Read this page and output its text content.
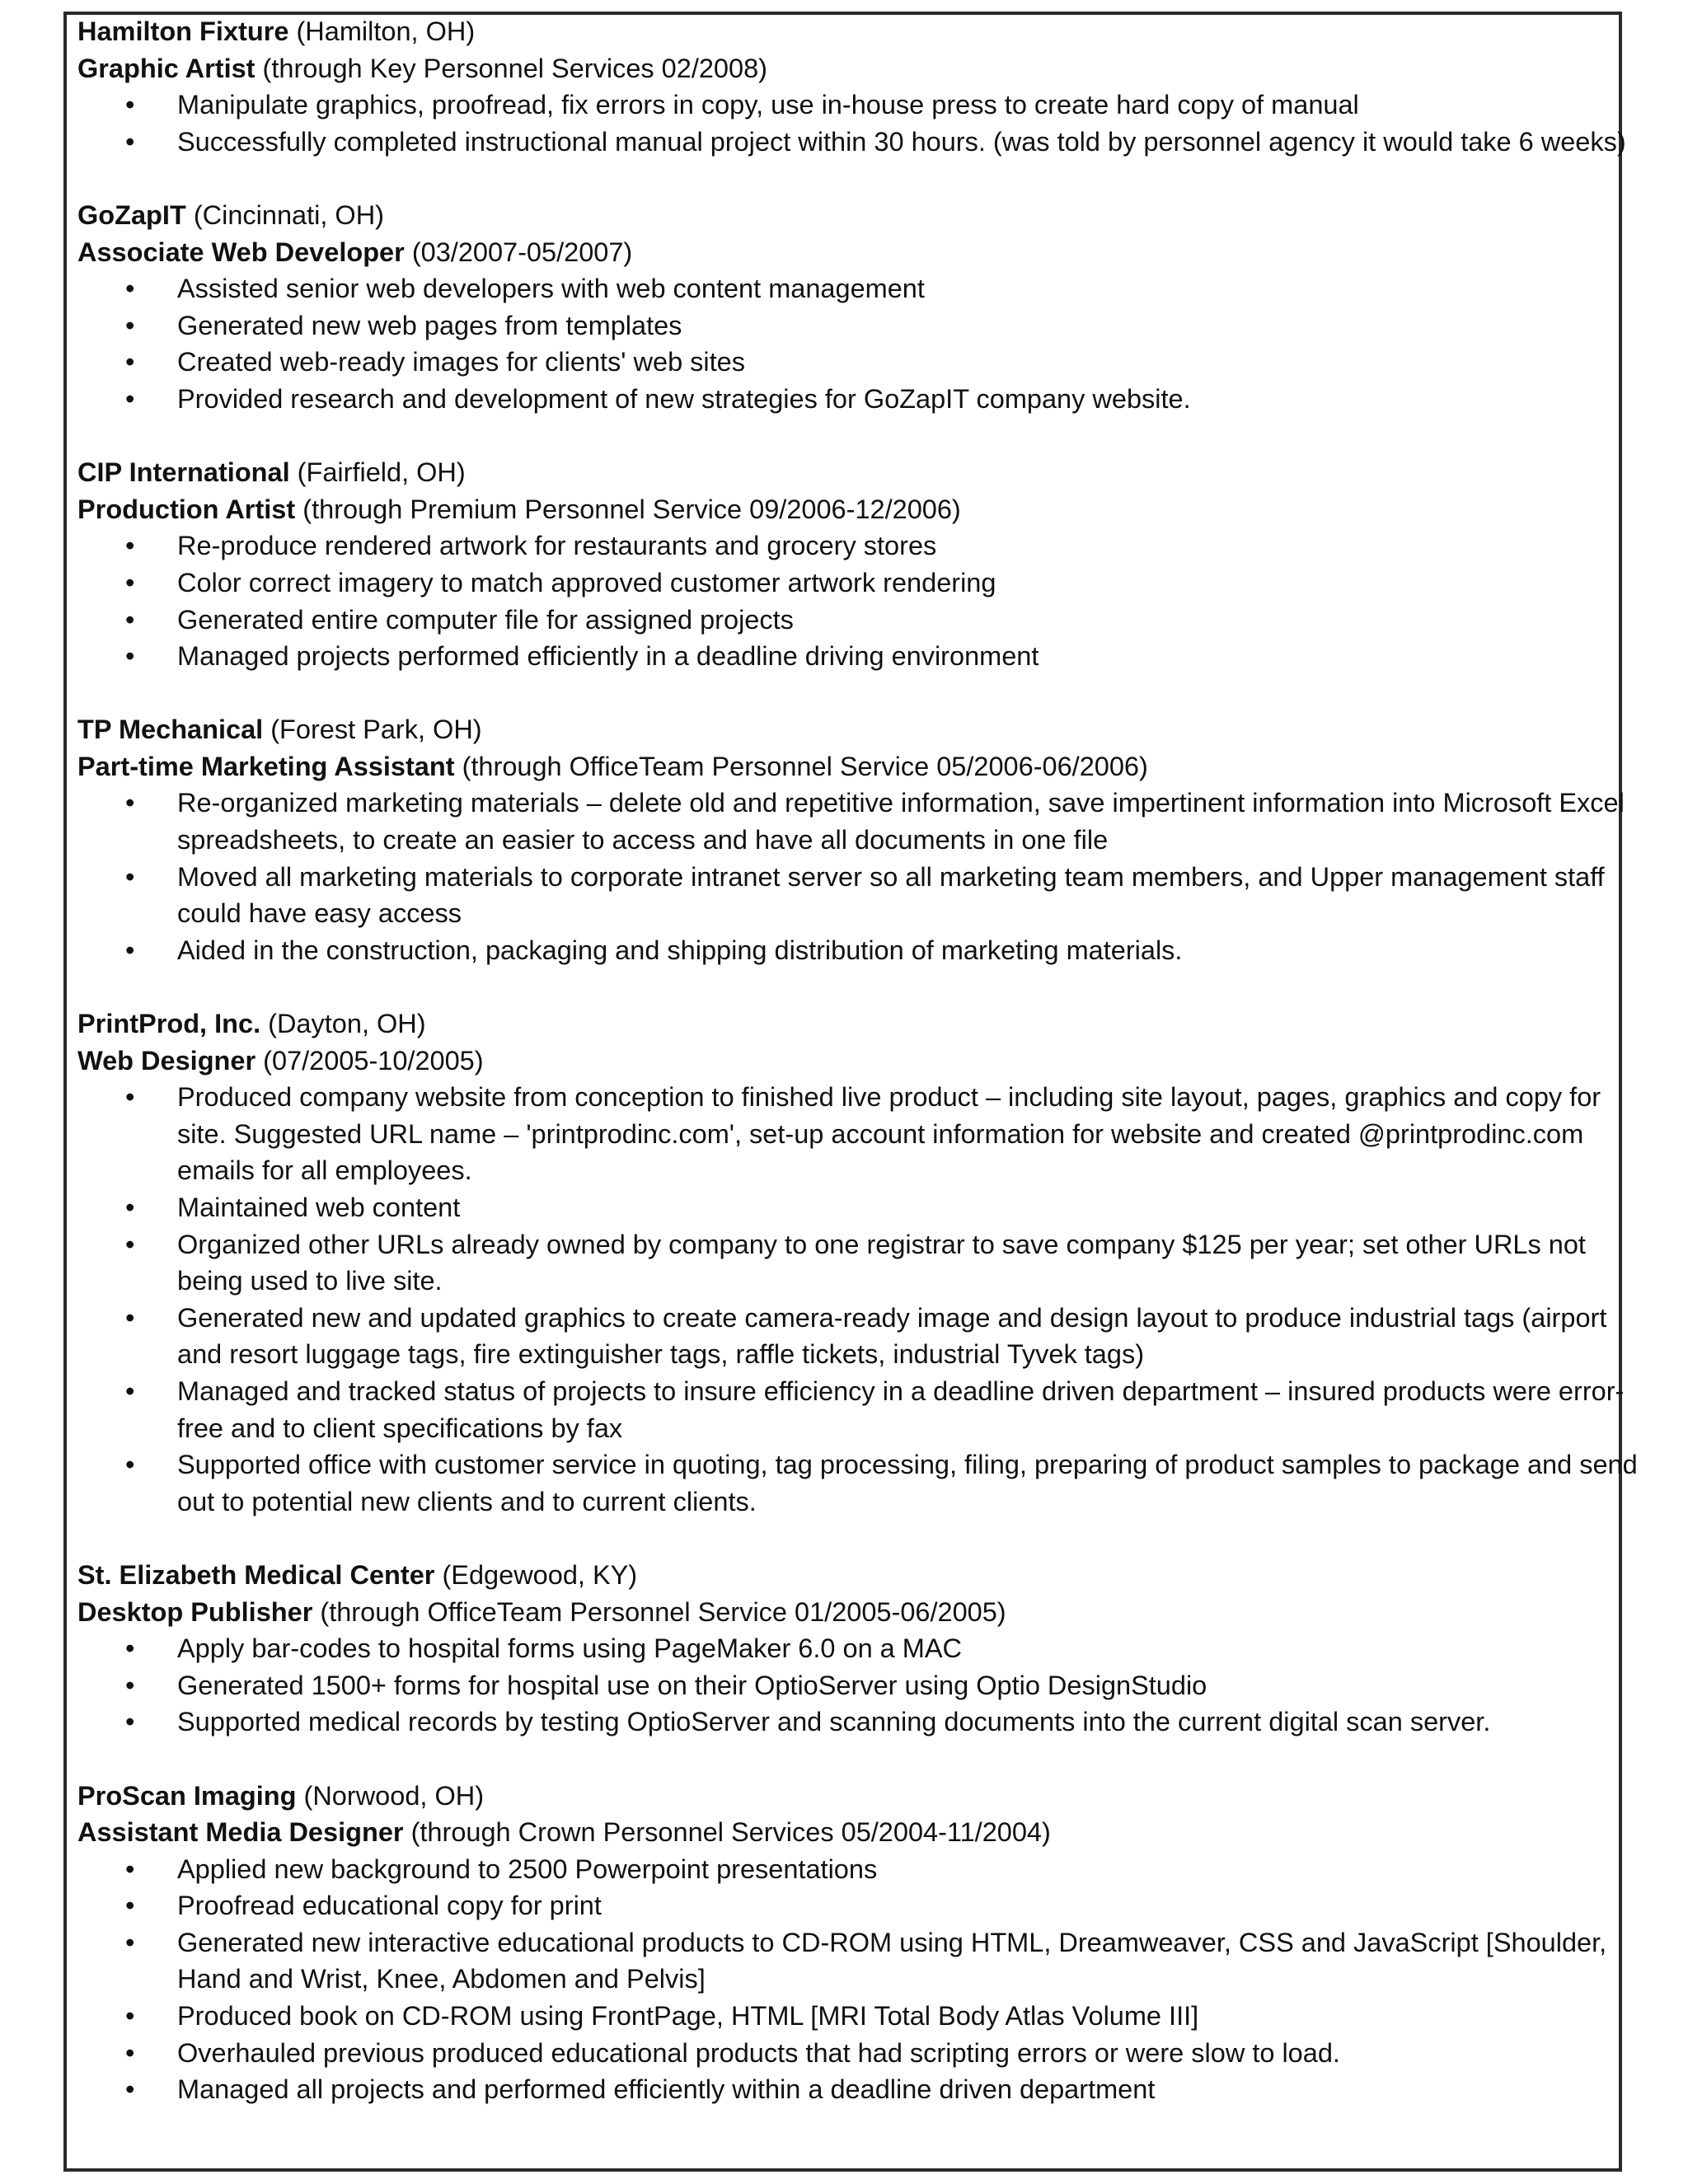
Hamilton Fixture (Hamilton, OH)
Graphic Artist (through Key Personnel Services 02/2008)
• Manipulate graphics, proofread, fix errors in copy, use in-house press to create hard copy of manual
• Successfully completed instructional manual project within 30 hours. (was told by personnel agency it would take 6 weeks)
GoZapIT (Cincinnati, OH)
Associate Web Developer (03/2007-05/2007)
• Assisted senior web developers with web content management
• Generated new web pages from templates
• Created web-ready images for clients' web sites
• Provided research and development of new strategies for GoZapIT company website.
CIP International (Fairfield, OH)
Production Artist (through Premium Personnel Service 09/2006-12/2006)
• Re-produce rendered artwork for restaurants and grocery stores
• Color correct imagery to match approved customer artwork rendering
• Generated entire computer file for assigned projects
• Managed projects performed efficiently in a deadline driving environment
TP Mechanical (Forest Park, OH)
Part-time Marketing Assistant (through OfficeTeam Personnel Service 05/2006-06/2006)
• Re-organized marketing materials – delete old and repetitive information, save impertinent information into Microsoft Excel spreadsheets, to create an easier to access and have all documents in one file
• Moved all marketing materials to corporate intranet server so all marketing team members, and Upper management staff could have easy access
• Aided in the construction, packaging and shipping distribution of marketing materials.
PrintProd, Inc. (Dayton, OH)
Web Designer (07/2005-10/2005)
• Produced company website from conception to finished live product – including site layout, pages, graphics and copy for site. Suggested URL name – 'printprodinc.com', set-up account information for website and created @printprodinc.com emails for all employees.
• Maintained web content
• Organized other URLs already owned by company to one registrar to save company $125 per year; set other URLs not being used to live site.
• Generated new and updated graphics to create camera-ready image and design layout to produce industrial tags (airport and resort luggage tags, fire extinguisher tags, raffle tickets, industrial Tyvek tags)
• Managed and tracked status of projects to insure efficiency in a deadline driven department – insured products were error-free and to client specifications by fax
• Supported office with customer service in quoting, tag processing, filing, preparing of product samples to package and send out to potential new clients and to current clients.
St. Elizabeth Medical Center (Edgewood, KY)
Desktop Publisher (through OfficeTeam Personnel Service 01/2005-06/2005)
• Apply bar-codes to hospital forms using PageMaker 6.0 on a MAC
• Generated 1500+ forms for hospital use on their OptioServer using Optio DesignStudio
• Supported medical records by testing OptioServer and scanning documents into the current digital scan server.
ProScan Imaging (Norwood, OH)
Assistant Media Designer (through Crown Personnel Services 05/2004-11/2004)
• Applied new background to 2500 Powerpoint presentations
• Proofread educational copy for print
• Generated new interactive educational products to CD-ROM using HTML, Dreamweaver, CSS and JavaScript [Shoulder, Hand and Wrist, Knee, Abdomen and Pelvis]
• Produced book on CD-ROM using FrontPage, HTML [MRI Total Body Atlas Volume III]
• Overhauled previous produced educational products that had scripting errors or were slow to load.
• Managed all projects and performed efficiently within a deadline driven department
